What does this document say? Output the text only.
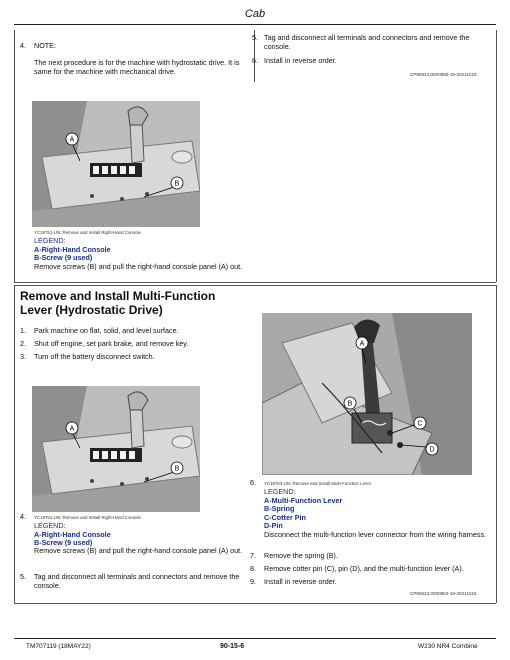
Cab
4. NOTE:
The next procedure is for the machine with hydrostatic drive. It is same for the machine with mechanical drive.
5. Tag and disconnect all terminals and connectors and remove the console.
6. Install in reverse order.
CP90634,0000950-19-20211015
A
B
YC19751-UN: Remove and Install Right-Hand Console
LEGEND:
A-Right-Hand Console
B-Screw (9 used)
Remove screws (B) and pull the right-hand console panel (A) out.
Remove and Install Multi-Function Lever (Hydrostatic Drive)
1. Park machine on flat, solid, and level surface.
2. Shut off engine, set park brake, and remove key.
3. Turn off the battery disconnect switch.
A
B
4. YC19751-UN: Remove and Install Right-Hand Console
LEGEND:
A-Right-Hand Console
B-Screw (9 used)
Remove screws (B) and pull the right-hand console panel (A) out.
5. Tag and disconnect all terminals and connectors and remove the console.
A
B
C
D
6. YC19763-UN: Remove and Install Multi-Function Lever
LEGEND:
A-Multi-Function Lever
B-Spring
C-Cotter Pin
D-Pin
Disconnect the multi-function lever connector from the wiring harness.
7. Remove the spring (B).
8. Remove cotter pin (C), pin (D), and the multi-function lever (A).
9. Install in reverse order.
CP90634,0000952-19-20211015
TM707119 (18MAY22)	90-15-6	W230 NR4 Combine
